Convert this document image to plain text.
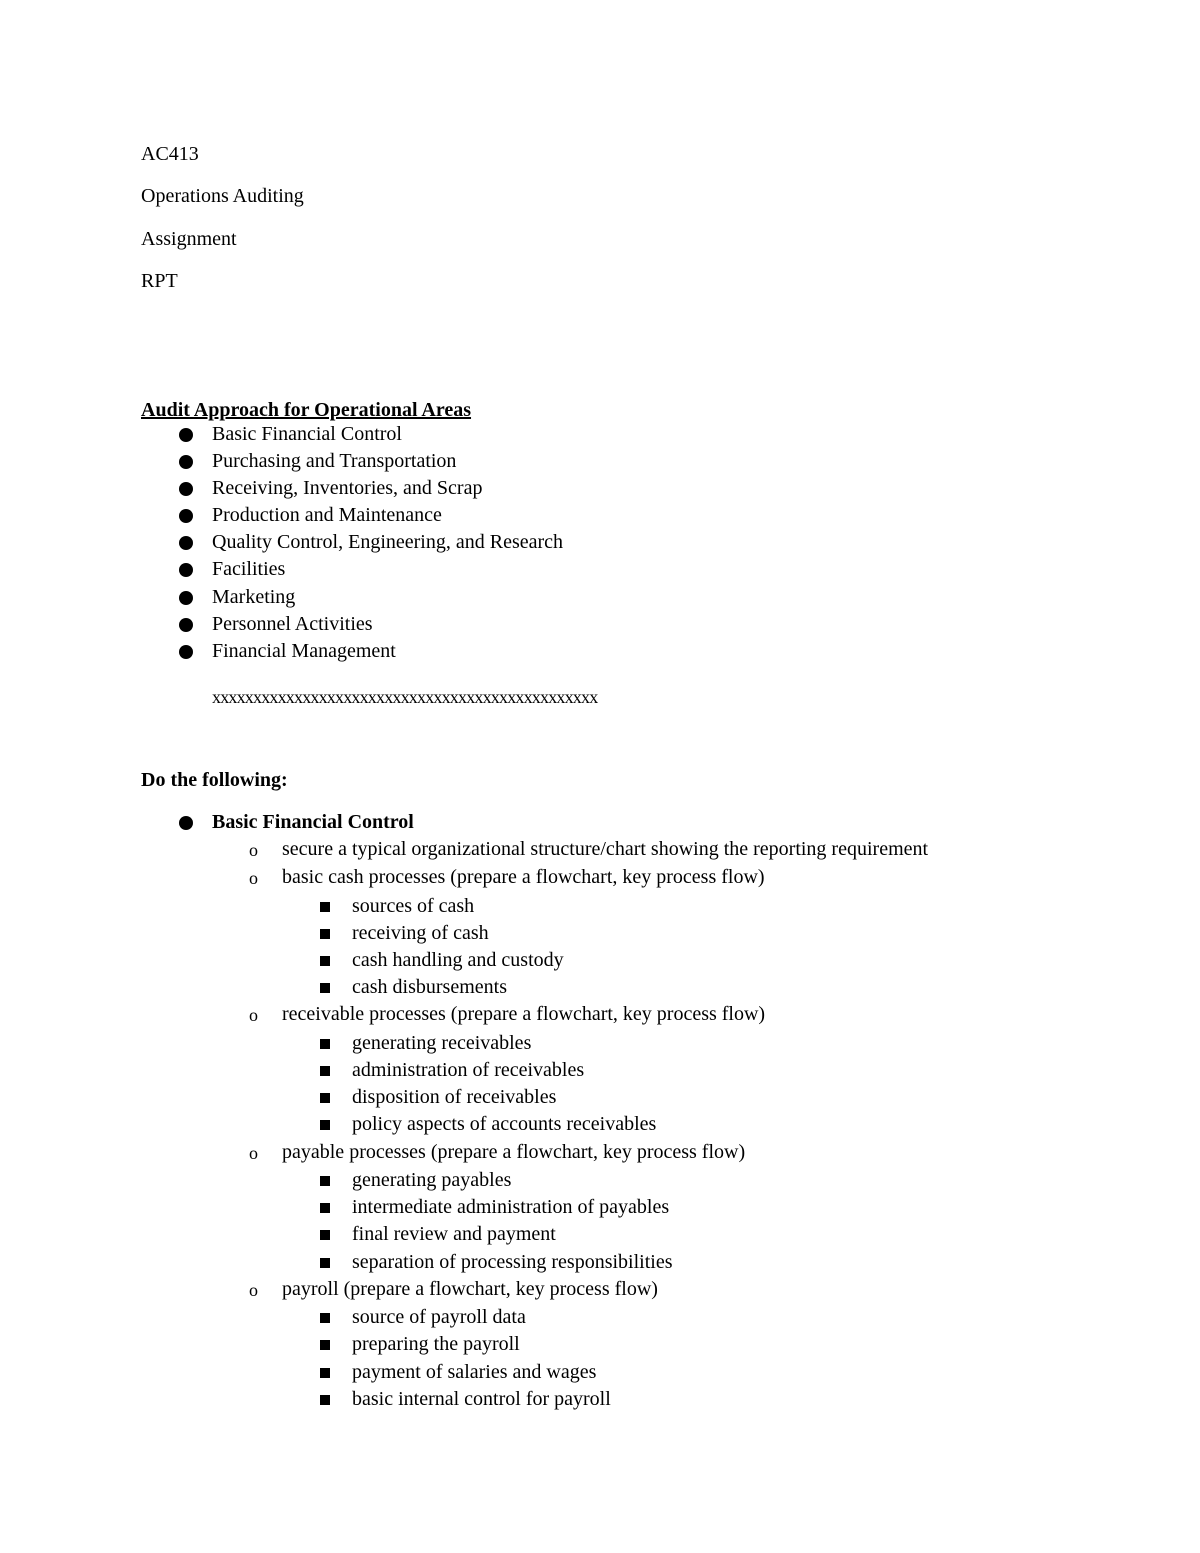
AC413
Operations Auditing
Assignment
RPT
Audit Approach for Operational Areas
Basic Financial Control
Purchasing and Transportation
Receiving, Inventories, and Scrap
Production and Maintenance
Quality Control, Engineering, and Research
Facilities
Marketing
Personnel Activities
Financial Management
xxxxxxxxxxxxxxxxxxxxxxxxxxxxxxxxxxxxxxxxxxxxxxx
Do the following:
Basic Financial Control
o secure a typical organizational structure/chart showing the reporting requirement
o basic cash processes (prepare a flowchart, key process flow)
sources of cash
receiving of cash
cash handling and custody
cash disbursements
o receivable processes (prepare a flowchart, key process flow)
generating receivables
administration of receivables
disposition of receivables
policy aspects of accounts receivables
o payable processes (prepare a flowchart, key process flow)
generating payables
intermediate administration of payables
final review and payment
separation of processing responsibilities
o payroll (prepare a flowchart, key process flow)
source of payroll data
preparing the payroll
payment of salaries and wages
basic internal control for payroll
